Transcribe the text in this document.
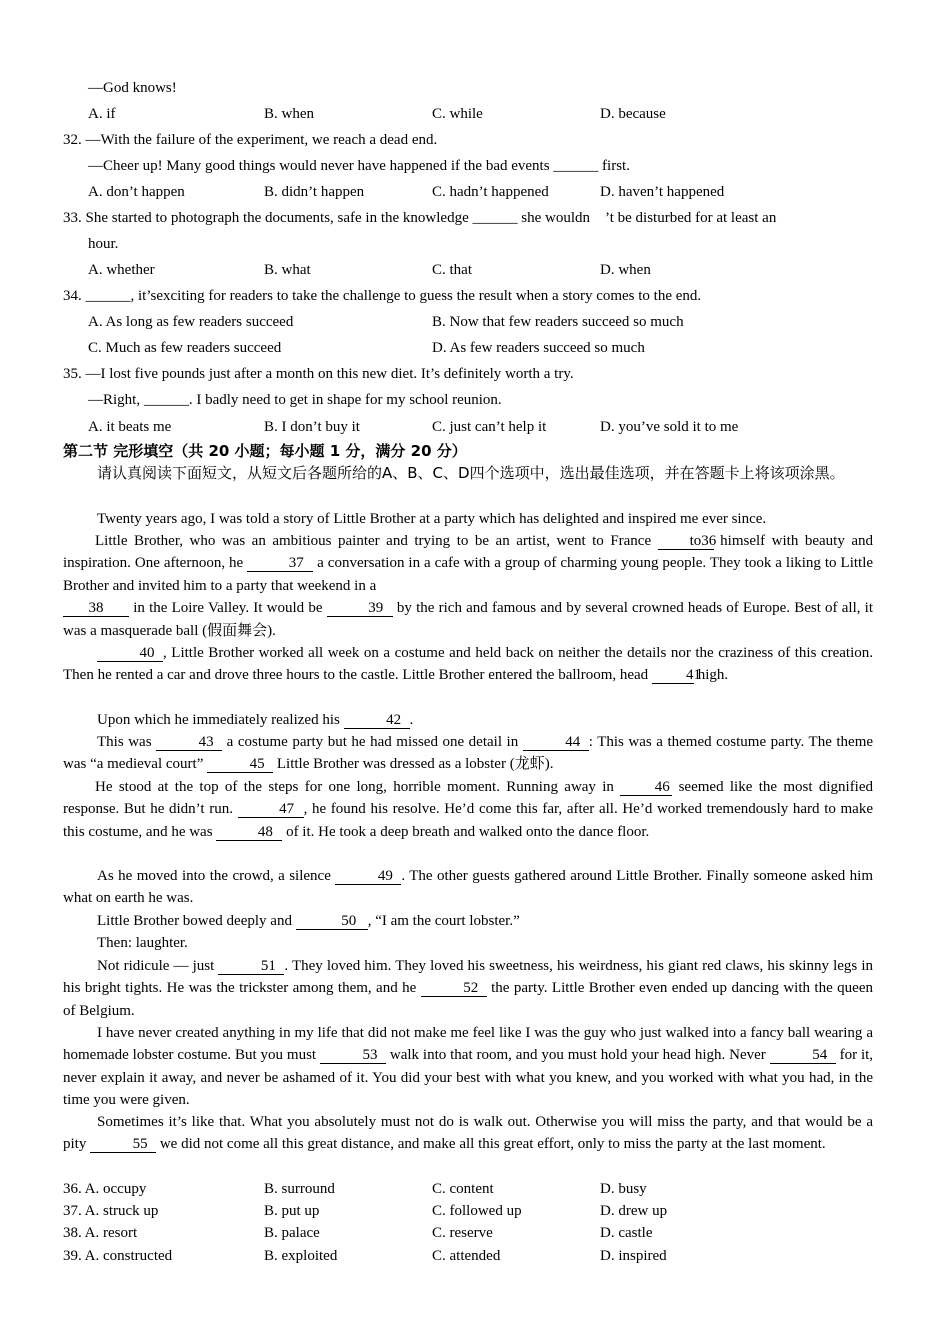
—God knows!
A. if	B. when	C. while	D. because
32. —With the failure of the experiment, we reach a dead end.
—Cheer up! Many good things would never have happened if the bad events ______ first.
A. don’t happen	B. didn’t happen	C. hadn’t happened	D. haven’t happened
33. She started to photograph the documents, safe in the knowledge ______ she wouldn ’t be disturbed for at least an
hour.
A. whether	B. what	C. that	D. when
34. ______, it’sexciting for readers to take the challenge to guess the result when a story comes to the end.
A. As long as few readers succeed	B. Now that few readers succeed so much
C. Much as few readers succeed	D. As few readers succeed so much
35. —I lost five pounds just after a month on this new diet. It’s definitely worth a try.
—Right, ______. I badly need to get in shape for my school reunion.
A. it beats me	B. I don’t buy it	C. just can’t help it	D. you’ve sold it to me
第二节 完形填空（共 20 小题；每小题 1 分，满分 20 分）

请认真阅读下面短文，从短文后各题所给的A、B、C、D四个选项中，选出最佳选项，并在答题卡上将该项涂黑。

Twenty years ago, I was told a story of Little Brother at a party which has delighted and inspired me ever since.

Little Brother, who was an ambitious painter and trying to be an artist, went to France	to36 himself with beauty and inspiration. One afternoon, he	37 a conversation in a cafe with a group of charming young people. They took a liking to Little Brother and invited him to a party that weekend in a
38 in the Loire Valley. It would be	39 by the rich and famous and by several crowned heads of Europe. Best of all, it was a masquerade ball (假面舞会).

40 , Little Brother worked all week on a costume and held back on neither the details nor the craziness of this creation. Then he rented a car and drove three hours to the castle. Little Brother entered the ballroom, head	41 high.

Upon which he immediately realized his	42 .

This was	43 a costume party but he had missed one detail in	44 : This was a themed costume party. The theme was “a medieval court”	45 Little Brother was dressed as a lobster (龙虾).

He stood at the top of the steps for one long, horrible moment. Running away in	46 seemed like the most dignified response. But he didn’t run.	47 , he found his resolve. He’d come this far, after all. He’d worked tremendously hard to make this costume, and he was	48 of it. He took a deep breath and walked onto the dance floor.

As he moved into the crowd, a silence	49 . The other guests gathered around Little Brother. Finally someone asked him what on earth he was.

Little Brother bowed deeply and	50 , “I am the court lobster.”

Then: laughter.

Not ridicule — just	51 . They loved him. They loved his sweetness, his weirdness, his giant red claws, his skinny legs in his bright tights. He was the trickster among them, and he	52 the party. Little Brother even ended up dancing with the queen of Belgium.

I have never created anything in my life that did not make me feel like I was the guy who just walked into a fancy ball wearing a homemade lobster costume. But you must	53 walk into that room, and you must hold your head high. Never	54 for it, never explain it away, and never be ashamed of it. You did your best with what you knew, and you worked with what you had, in the time you were given.

Sometimes it’s like that. What you absolutely must not do is walk out. Otherwise you will miss the party, and that would be a pity	55 we did not come all this great distance, and make all this great effort, only to miss the party at the last moment.

36. A. occupy	B. surround	C. content	D. busy
37. A. struck up	B. put up	C. followed up	D. drew up
38. A. resort	B. palace	C. reserve	D. castle
39. A. constructed	B. exploited	C. attended	D. inspired
